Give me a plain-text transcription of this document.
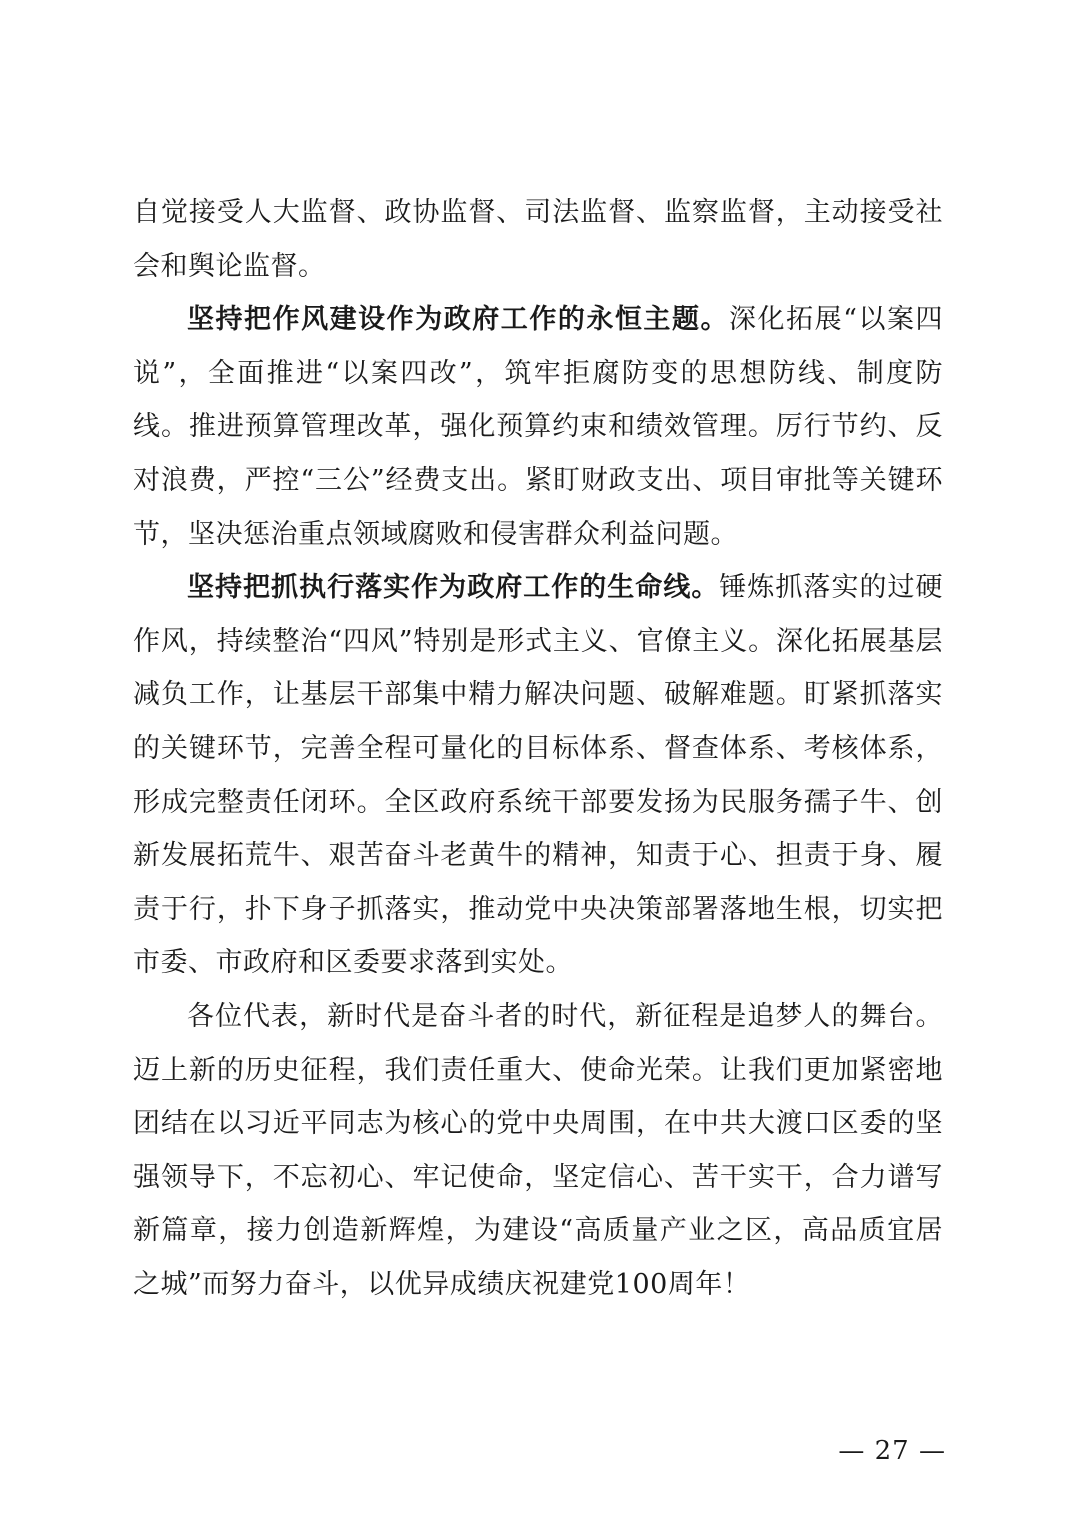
自觉接受人大监督、政协监督、司法监督、监察监督，主动接受社会和舆论监督。

坚持把作风建设作为政府工作的永恒主题。深化拓展“以案四说”，全面推进“以案四改”，筑牢拒腐防变的思想防线、制度防线。推进预算管理改革，强化预算约束和绩效管理。厉行节约、反对浪费，严控“三公”经费支出。紧盯财政支出、项目审批等关键环节，坚决惩治重点领域腐败和侵害群众利益问题。

坚持把抓执行落实作为政府工作的生命线。锤炼抓落实的过硬作风，持续整治“四风”特别是形式主义、官僚主义。深化拓展基层减负工作，让基层干部集中精力解决问题、破解难题。盯紧抓落实的关键环节，完善全程可量化的目标体系、督查体系、考核体系，形成完整责任闭环。全区政府系统干部要发扬为民服务孺子牛、创新发展拓荒牛、艰苦奋斗老黄牛的精神，知责于心、担责于身、履责于行，扑下身子抓落实，推动党中央决策部署落地生根，切实把市委、市政府和区委要求落到实处。

各位代表，新时代是奋斗者的时代，新征程是追梦人的舞台。迈上新的历史征程，我们责任重大、使命光荣。让我们更加紧密地团结在以习近平同志为核心的党中央周围，在中共大渡口区委的坚强领导下，不忘初心、牢记使命，坚定信心、苦干实干，合力谱写新篇章，接力创造新辉煌，为建设“高质量产业之区，高品质宜居之城”而努力奋斗，以优异成绩庆祝建党100周年！

— 27 —
